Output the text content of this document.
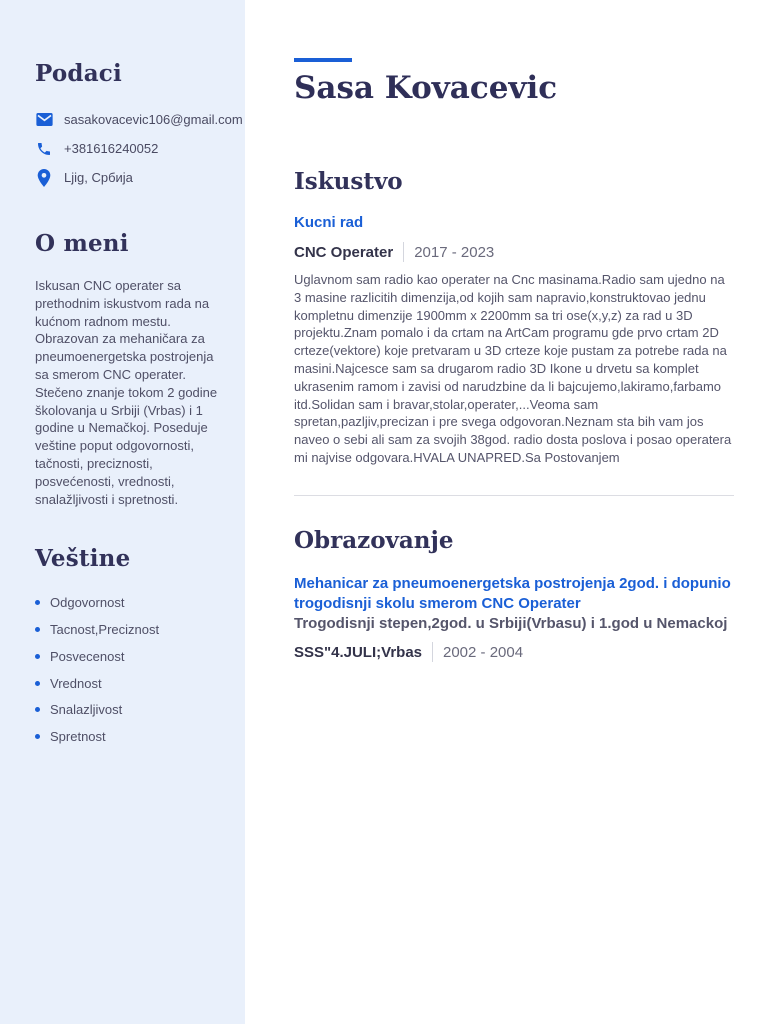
Podaci
sasakovacevic106@gmail.com
+381616240052
Ljig, Србија
O meni

Iskusan CNC operater sa prethodnim iskustvom rada na kućnom radnom mestu. Obrazovan za mehaničara za pneumoenergetska postrojenja sa smerom CNC operater. Stečeno znanje tokom 2 godine školovanja u Srbiji (Vrbas) i 1 godine u Nemačkoj. Poseduje veštine poput odgovornosti, tačnosti, preciznosti, posvećenosti, vrednosti, snalažljivosti i spretnosti.

Veštine
Odgovornost
Tacnost,Preciznost
Posvecenost
Vrednost
Snalazljivost
Spretnost
Sasa Kovacevic
Iskustvo
Kucni rad
CNC Operater 2017 - 2023

Uglavnom sam radio kao operater na Cnc masinama.Radio sam ujedno na 3 masine razlicitih dimenzija,od kojih sam napravio,konstruktovao jednu kompletnu dimenzije 1900mm x 2200mm sa tri ose(x,y,z) za rad u 3D projektu.Znam pomalo i da crtam na ArtCam programu gde prvo crtam 2D crteze(vektore) koje pretvaram u 3D crteze koje pustam za potrebe rada na masini.Najcesce sam sa drugarom radio 3D Ikone u drvetu sa komplet ukrasenim ramom i zavisi od narudzbine da li bajcujemo,lakiramo,farbamo itd.Solidan sam i bravar,stolar,operater,...Veoma sam spretan,pazljiv,precizan i pre svega odgovoran.Neznam sta bih vam jos naveo o sebi ali sam za svojih 38god. radio dosta poslova i posao operatera mi najvise odgovara.HVALA UNAPRED.Sa Postovanjem

Obrazovanje
Mehanicar za pneumoenergetska postrojenja 2god. i dopunio trogodisnji skolu smerom CNC Operater
Trogodisnji stepen,2god. u Srbiji(Vrbasu) i 1.god u Nemackoj
SSS"4.JULI;Vrbas 2002 - 2004
